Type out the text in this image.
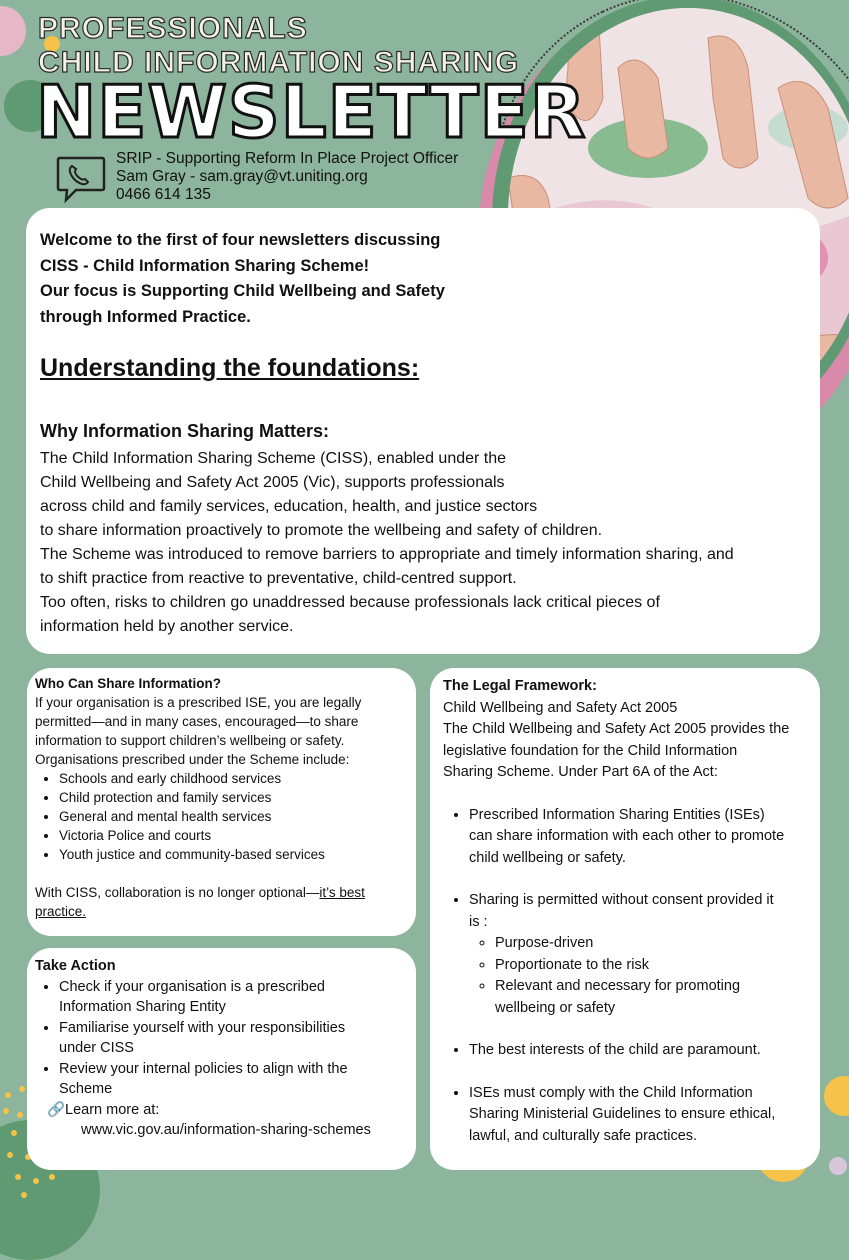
PROFESSIONALS
CHILD INFORMATION SHARING
NEWSLETTER
SRIP - Supporting Reform In Place Project Officer
Sam Gray - sam.gray@vt.uniting.org
0466 614 135
Welcome to the first of four newsletters discussing
CISS - Child Information Sharing Scheme!
Our focus is Supporting Child Wellbeing and Safety
through Informed Practice.
Understanding the foundations:
Why Information Sharing Matters:
The Child Information Sharing Scheme (CISS), enabled under the
Child Wellbeing and Safety Act 2005 (Vic), supports professionals
across child and family services, education, health, and justice sectors
to share information proactively to promote the wellbeing and safety of children.
The Scheme was introduced to remove barriers to appropriate and timely information sharing, and
to shift practice from reactive to preventative, child-centred support.
Too often, risks to children go unaddressed because professionals lack critical pieces of
information held by another service.
Who Can Share Information?
If your organisation is a prescribed ISE, you are legally
permitted—and in many cases, encouraged—to share
information to support children’s wellbeing or safety.
Organisations prescribed under the Scheme include:
• Schools and early childhood services
• Child protection and family services
• General and mental health services
• Victoria Police and courts
• Youth justice and community-based services
With CISS, collaboration is no longer optional—it’s best
practice.
Take Action
• Check if your organisation is a prescribed
Information Sharing Entity
• Familiarise yourself with your responsibilities
under CISS
• Review your internal policies to align with the
Scheme
🔗 Learn more at:
www.vic.gov.au/information-sharing-schemes
The Legal Framework:
Child Wellbeing and Safety Act 2005
The Child Wellbeing and Safety Act 2005 provides the
legislative foundation for the Child Information
Sharing Scheme. Under Part 6A of the Act:
• Prescribed Information Sharing Entities (ISEs)
can share information with each other to promote
child wellbeing or safety.
• Sharing is permitted without consent provided it
is :
◦ Purpose-driven
◦ Proportionate to the risk
◦ Relevant and necessary for promoting
wellbeing or safety
• The best interests of the child are paramount.
• ISEs must comply with the Child Information
Sharing Ministerial Guidelines to ensure ethical,
lawful, and culturally safe practices.
